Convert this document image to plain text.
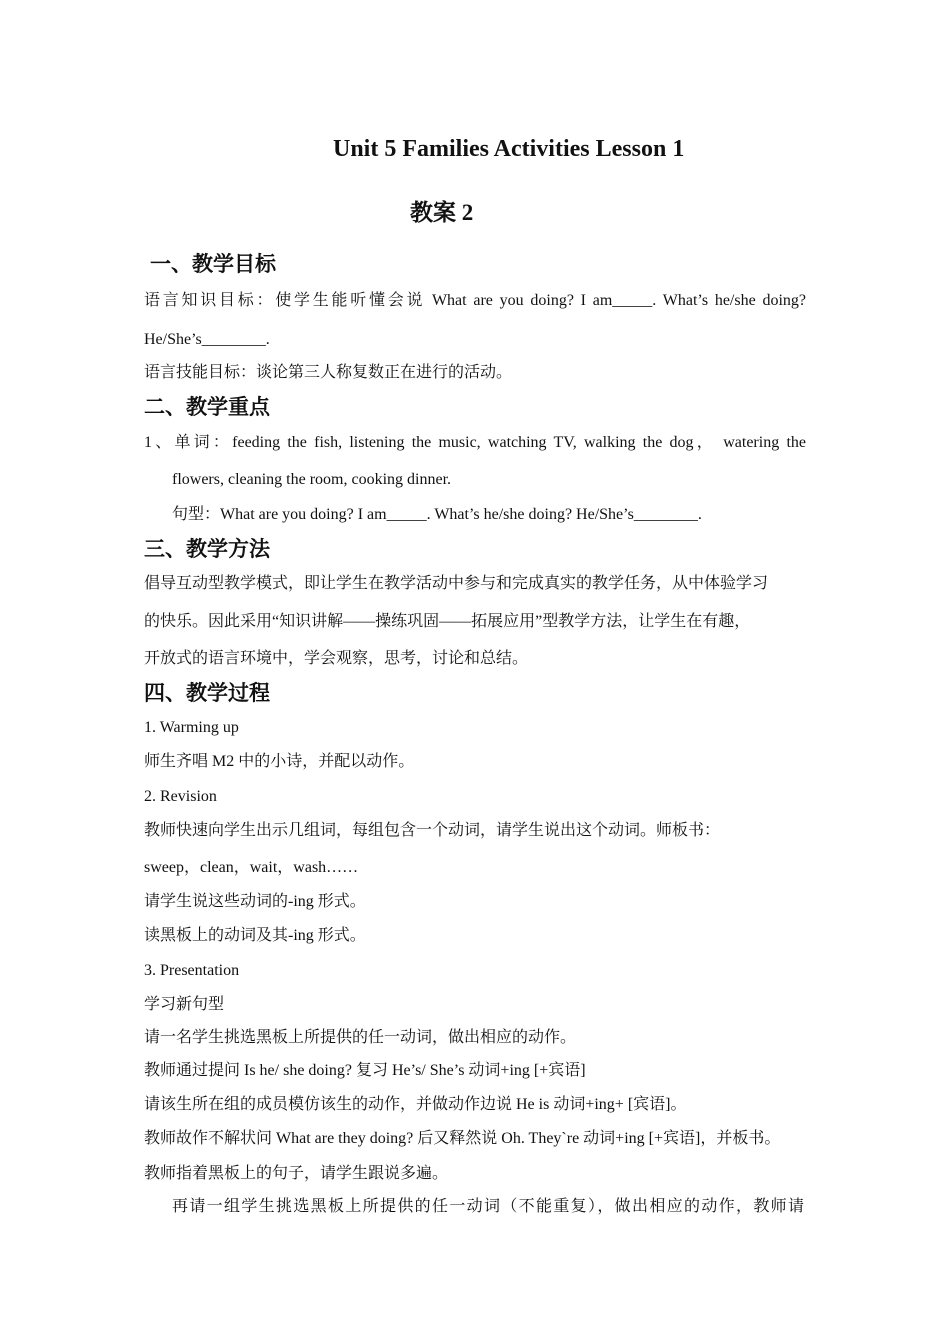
Unit 5 Families Activities Lesson 1
教案 2
一、教学目标
语言知识目标：使学生能听懂会说 What are you doing? I am_____. What’s he/she doing?
He/She’s________.
语言技能目标：谈论第三人称复数正在进行的活动。
二、教学重点
1、单词：feeding the fish, listening the music, watching TV, walking the dog， watering the
flowers, cleaning the room, cooking dinner.
句型：What are you doing? I am_____. What’s he/she doing? He/She’s________.
三、教学方法
倡导互动型教学模式，即让学生在教学活动中参与和完成真实的教学任务，从中体验学习
的快乐。因此采用“知识讲解——操练巩固——拓展应用”型教学方法，让学生在有趣，
开放式的语言环境中，学会观察，思考，讨论和总结。
四、教学过程
1. Warming up
师生齐唱 M2 中的小诗，并配以动作。
2. Revision
教师快速向学生出示几组词，每组包含一个动词，请学生说出这个动词。师板书：
sweep，clean，wait，wash……
请学生说这些动词的-ing 形式。
读黑板上的动词及其-ing 形式。
3. Presentation
学习新句型
请一名学生挑选黑板上所提供的任一动词，做出相应的动作。
教师通过提问 Is he/ she doing? 复习 He’s/ She’s 动词+ing [+宾语]
请该生所在组的成员模仿该生的动作，并做动作边说 He is 动词+ing+ [宾语]。
教师故作不解状问 What are they doing? 后又释然说 Oh. They`re 动词+ing [+宾语]，并板书。
教师指着黑板上的句子，请学生跟说多遍。
再请一组学生挑选黑板上所提供的任一动词（不能重复），做出相应的动作，教师请
